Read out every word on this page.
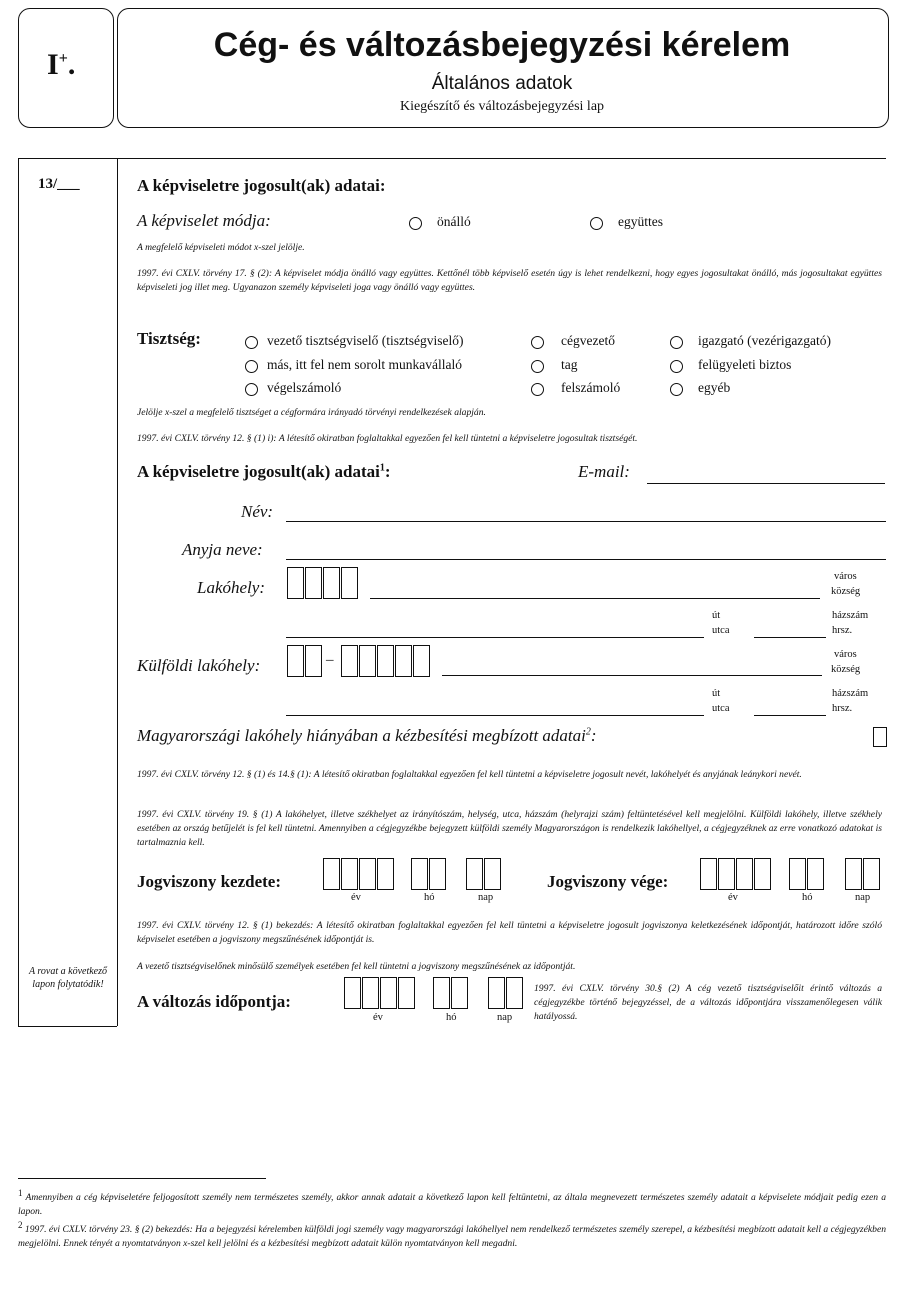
I+.
Cég- és változásbejegyzési kérelem
Általános adatok
Kiegészítő és változásbejegyzési lap
13/___
A rovat a következő lapon folytatódik!
A képviseletre jogosult(ak) adatai:
A képviselet módja:	önálló	együttes
A megfelelő képviseleti módot x-szel jelölje.
1997. évi CXLV. törvény 17. § (2): A képviselet módja önálló vagy együttes. Kettőnél több képviselő esetén úgy is lehet rendelkezni, hogy egyes jogosultakat önálló, más jogosultakat együttes képviseleti jog illet meg. Ugyanazon személy képviseleti joga vagy önálló vagy együttes.
Tisztség:	vezető tisztségviselő (tisztségviselő)	cégvezető	igazgató (vezérigazgató)
más, itt fel nem sorolt munkavállaló	tag	felügyeleti biztos
végelszámoló	felszámoló	egyéb
Jelölje x-szel a megfelelő tisztséget a cégformára irányadó törvényi rendelkezések alapján.
1997. évi CXLV. törvény 12. § (1) i): A létesítő okiratban foglaltakkal egyezően fel kell tüntetni a képviseletre jogosultak tisztségét.
A képviseletre jogosult(ak) adatai$^1$:	E-mail:
Név:
Anyja neve:
Lakóhely:
város
község
út
utca
házszám
hrsz.
Külföldi lakóhely:	–	város
község
út
utca
házszám
hrsz.
Magyarországi lakóhely hiányában a kézbesítési megbízott adatai$^2$:
1997. évi CXLV. törvény 12. § (1) és 14.§ (1): A létesítő okiratban foglaltakkal egyezően fel kell tüntetni a képviseletre jogosult nevét, lakóhelyét és anyjának leánykori nevét.
1997. évi CXLV. törvény 19. § (1) A lakóhelyet, illetve székhelyet az irányítószám, helység, utca, házszám (helyrajzi szám) feltüntetésével kell megjelölni. Külföldi lakóhely, illetve székhely esetében az ország betűjelét is fel kell tüntetni. Amennyiben a cégjegyzékbe bejegyzett külföldi személy Magyarországon is rendelkezik lakóhellyel, a cégjegyzéknek az erre vonatkozó adatokat is tartalmaznia kell.
Jogviszony kezdete:
év	hó	nap
Jogviszony vége:
év	hó	nap
1997. évi CXLV. törvény 12. § (1) bekezdés: A létesítő okiratban foglaltakkal egyezően fel kell tüntetni a képviseletre jogosult jogviszonya keletkezésének időpontját, határozott időre szóló képviselet esetében a jogviszony megszűnésének időpontját is.
A vezető tisztségviselőnek minősülő személyek esetében fel kell tüntetni a jogviszony megszűnésének az időpontját.
A változás időpontja:
év	hó	nap
1997. évi CXLV. törvény 30.§ (2) A cég vezető tisztségviselőit érintő változás a cégjegyzékbe történő bejegyzéssel, de a változás időpontjára visszamenőlegesen válik hatályossá.
$^1$ Amennyiben a cég képviseletére feljogosított személy nem természetes személy, akkor annak adatait a következő lapon kell feltüntetni, az általa megnevezett természetes személy adatait a képviselete módjait pedig ezen a lapon.
$^2$ 1997. évi CXLV. törvény 23. § (2) bekezdés: Ha a bejegyzési kérelemben külföldi jogi személy vagy magyarországi lakóhellyel nem rendelkező természetes személy szerepel, a kézbesítési megbízott adatait kell a cégjegyzékben megjelölni. Ennek tényét a nyomtatványon x-szel kell jelölni és a kézbesítési megbízott adatait külön nyomtatványon kell megadni.
